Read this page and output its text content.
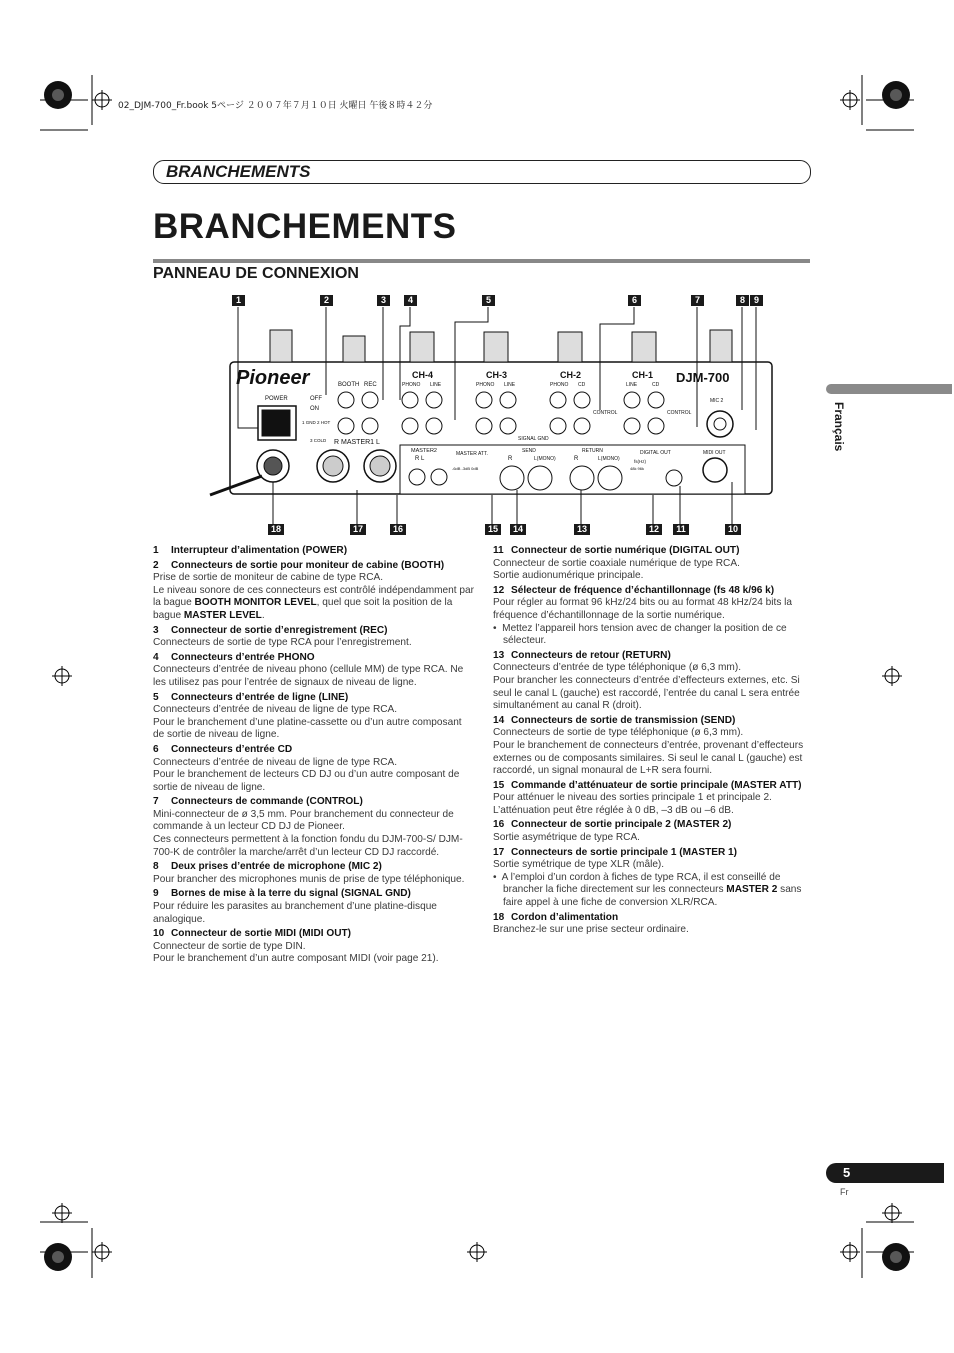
02_DJM-700_Fr.book 5ページ ２００７年７月１０日 火曜日 午後８時４２分
BRANCHEMENTS
BRANCHEMENTS
PANNEAU DE CONNEXION
Français
Pioneer	DJM-700
BOOTH REC
POWER	OFF
ON
1 GND 2 HOT
3 COLD R MASTER1 L
CH-4	CH-3	CH-2	CH-1
PHONO LINE	PHONO LINE	PHONO CD	LINE	CD
MIC 2
SIGNAL GND
CONTROL	CONTROL
MASTER2
R L
MASTER ATT.
-6dB -3dB 0dB
SEND
R	L(MONO)
RETURN
R	L(MONO)
DIGITAL OUT
fs(Hz)
48k 96k
MIDI OUT
1	2	3	4	5	6	7	8 9
18	17	16	15	14	13	12	11	10
1 Interrupteur d’alimentation (POWER)
2 Connecteurs de sortie pour moniteur de cabine (BOOTH)

Prise de sortie de moniteur de cabine de type RCA.

Le niveau sonore de ces connecteurs est contrôlé indépendamment par la bague BOOTH MONITOR LEVEL, quel que soit la position de la bague MASTER LEVEL.

3 Connecteur de sortie d’enregistrement (REC)

Connecteurs de sortie de type RCA pour l’enregistrement.

4 Connecteurs d’entrée PHONO

Connecteurs d’entrée de niveau phono (cellule MM) de type RCA. Ne les utilisez pas pour l’entrée de signaux de niveau de ligne.

5 Connecteurs d’entrée de ligne (LINE)

Connecteurs d’entrée de niveau de ligne de type RCA.

Pour le branchement d’une platine-cassette ou d’un autre composant de sortie de niveau de ligne.

6 Connecteurs d’entrée CD

Connecteurs d’entrée de niveau de ligne de type RCA.

Pour le branchement de lecteurs CD DJ ou d’un autre composant de sortie de niveau de ligne.

7 Connecteurs de commande (CONTROL)

Mini-connecteur de ø 3,5 mm. Pour branchement du connecteur de commande à un lecteur CD DJ de Pioneer.

Ces connecteurs permettent à la fonction fondu du DJM-700-S/ DJM-700-K de contrôler la marche/arrêt d’un lecteur CD DJ raccordé.

8 Deux prises d’entrée de microphone (MIC 2)

Pour brancher des microphones munis de prise de type téléphonique.

9 Bornes de mise à la terre du signal (SIGNAL GND)

Pour réduire les parasites au branchement d’une platine-disque analogique.

10 Connecteur de sortie MIDI (MIDI OUT)

Connecteur de sortie de type DIN.

Pour le branchement d’un autre composant MIDI (voir page 21).

11 Connecteur de sortie numérique (DIGITAL OUT)

Connecteur de sortie coaxiale numérique de type RCA.

Sortie audionumérique principale.

12 Sélecteur de fréquence d’échantillonnage (fs 48 k/96 k)

Pour régler au format 96 kHz/24 bits ou au format 48 kHz/24 bits la fréquence d’échantillonnage de la sortie numérique.

•  Mettez l’appareil hors tension avec de changer la position de ce sélecteur.

13 Connecteurs de retour (RETURN)

Connecteurs d’entrée de type téléphonique (ø 6,3 mm).

Pour brancher les connecteurs d’entrée d’effecteurs externes, etc. Si seul le canal L (gauche) est raccordé, l’entrée du canal L sera entrée simultanément au canal R (droit).

14 Connecteurs de sortie de transmission (SEND)

Connecteurs de sortie de type téléphonique (ø 6,3 mm).

Pour le branchement de connecteurs d’entrée, provenant d’effecteurs externes ou de composants similaires. Si seul le canal L (gauche) est raccordé, un signal monaural de L+R sera fourni.

15 Commande d’atténuateur de sortie principale (MASTER ATT)

Pour atténuer le niveau des sorties principale 1 et principale 2. L’atténuation peut être réglée à 0 dB, –3 dB ou –6 dB.

16 Connecteur de sortie principale 2 (MASTER 2)

Sortie asymétrique de type RCA.

17 Connecteurs de sortie principale 1 (MASTER 1)

Sortie symétrique de type XLR (mâle).

•  A l’emploi d’un cordon à fiches de type RCA, il est conseillé de brancher la fiche directement sur les connecteurs MASTER 2 sans faire appel à une fiche de conversion XLR/RCA.

18 Cordon d’alimentation

Branchez-le sur une prise secteur ordinaire.

5
Fr
